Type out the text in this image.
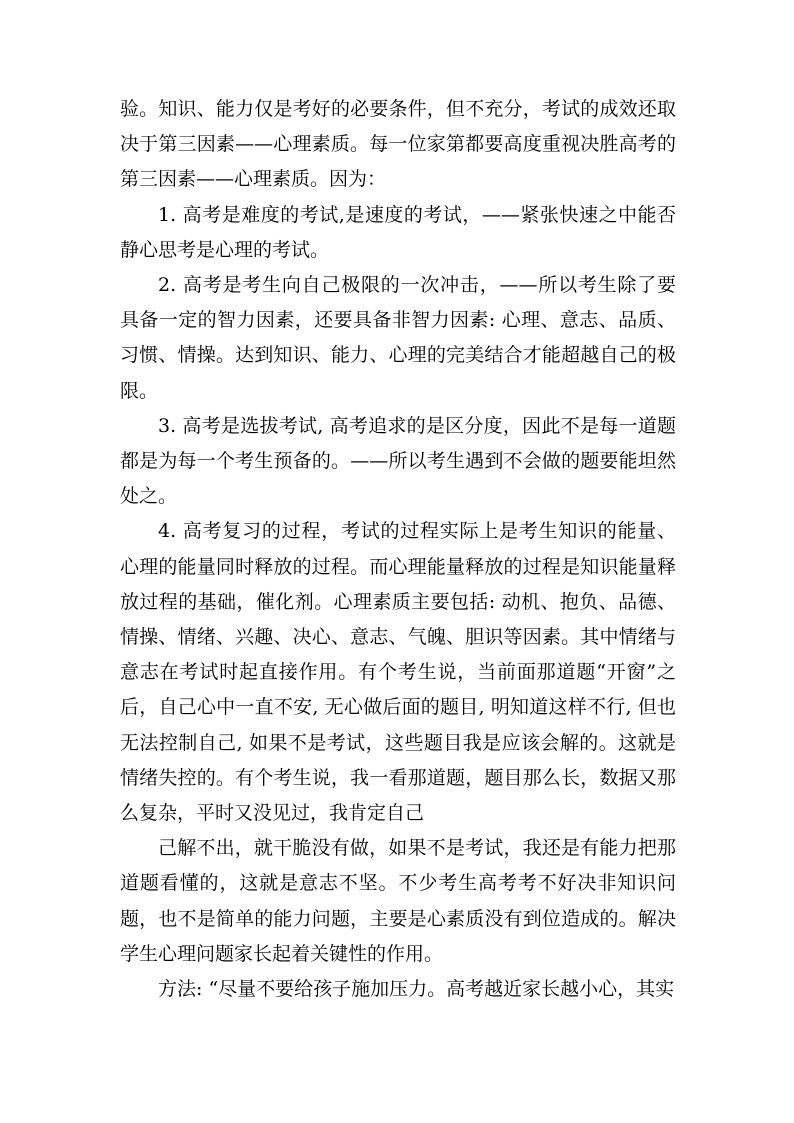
验。知识、能力仅是考好的必要条件，但不充分，考试的成效还取决于第三因素——心理素质。每一位家第都要高度重视决胜高考的第三因素——心理素质。因为：

1. 高考是难度的考试,是速度的考试，——紧张快速之中能否静心思考是心理的考试。

2. 高考是考生向自己极限的一次冲击，——所以考生除了要具备一定的智力因素，还要具备非智力因素: 心理、意志、品质、习惯、情操。达到知识、能力、心理的完美结合才能超越自己的极限。

3. 高考是选拔考试, 高考追求的是区分度，因此不是每一道题都是为每一个考生预备的。——所以考生遇到不会做的题要能坦然处之。

4. 高考复习的过程，考试的过程实际上是考生知识的能量、心理的能量同时释放的过程。而心理能量释放的过程是知识能量释放过程的基础，催化剂。心理素质主要包括: 动机、抱负、品德、情操、情绪、兴趣、决心、意志、气魄、胆识等因素。其中情绪与意志在考试时起直接作用。有个考生说，当前面那道题“开窗”之后，自己心中一直不安, 无心做后面的题目, 明知道这样不行, 但也无法控制自己, 如果不是考试，这些题目我是应该会解的。这就是情绪失控的。有个考生说，我一看那道题，题目那么长，数据又那么复杂，平时又没见过，我肯定自己

己解不出，就干脆没有做，如果不是考试，我还是有能力把那道题看懂的，这就是意志不坚。不少考生高考考不好决非知识问题，也不是简单的能力问题，主要是心素质没有到位造成的。解决学生心理问题家长起着关键性的作用。

方法: “尽量不要给孩子施加压力。高考越近家长越小心，其实
